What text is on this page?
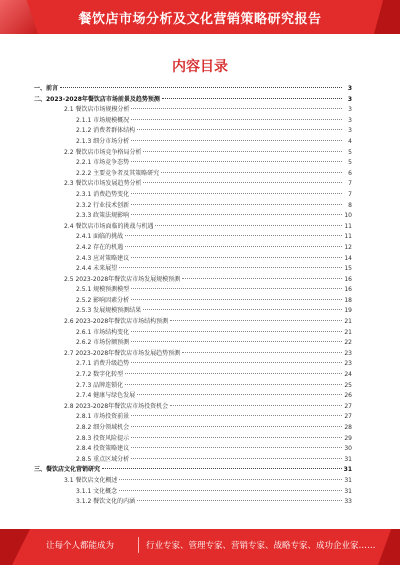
餐饮店市场分析及文化营销策略研究报告
内容目录
一、前言	3
二、2023-2028年餐饮店市场前景及趋势预测	3
2.1 餐饮店市场规模分析	3
2.1.1 市场规模概况	3
2.1.2 消费者群体结构	3
2.1.3 细分市场分析	4
2.2 餐饮店市场竞争格局分析	5
2.2.1 市场竞争态势	5
2.2.2 主要竞争者及其策略研究	6
2.3 餐饮店市场发展趋势分析	7
2.3.1 消费趋势变化	7
2.3.2 行业技术创新	8
2.3.3 政策法规影响	10
2.4 餐饮店市场面临的挑战与机遇	11
2.4.1 面临的挑战	11
2.4.2 存在的机遇	12
2.4.3 应对策略建议	14
2.4.4 未来展望	15
2.5 2023-2028年餐饮店市场发展规模预测	16
2.5.1 规模预测模型	16
2.5.2 影响因素分析	18
2.5.3 发展规模预测结果	19
2.6 2023-2028年餐饮店市场结构预测	21
2.6.1 市场结构变化	21
2.6.2 市场份额预测	22
2.7 2023-2028年餐饮店市场发展趋势预测	23
2.7.1 消费升级趋势	23
2.7.2 数字化转型	24
2.7.3 品牌连锁化	25
2.7.4 健康与绿色发展	26
2.8 2023-2028年餐饮店市场投资机会	27
2.8.1 市场投资前景	27
2.8.2 细分领域机会	28
2.8.3 投资风险提示	29
2.8.4 投资策略建议	30
2.8.5 重点区域分析	31
三、餐饮店文化营销研究	31
3.1 餐饮店文化概述	31
3.1.1 文化概念	31
3.1.2 餐饮文化的内涵	33
让每个人都能成为	行业专家、管理专家、营销专家、战略专家、成功企业家……
